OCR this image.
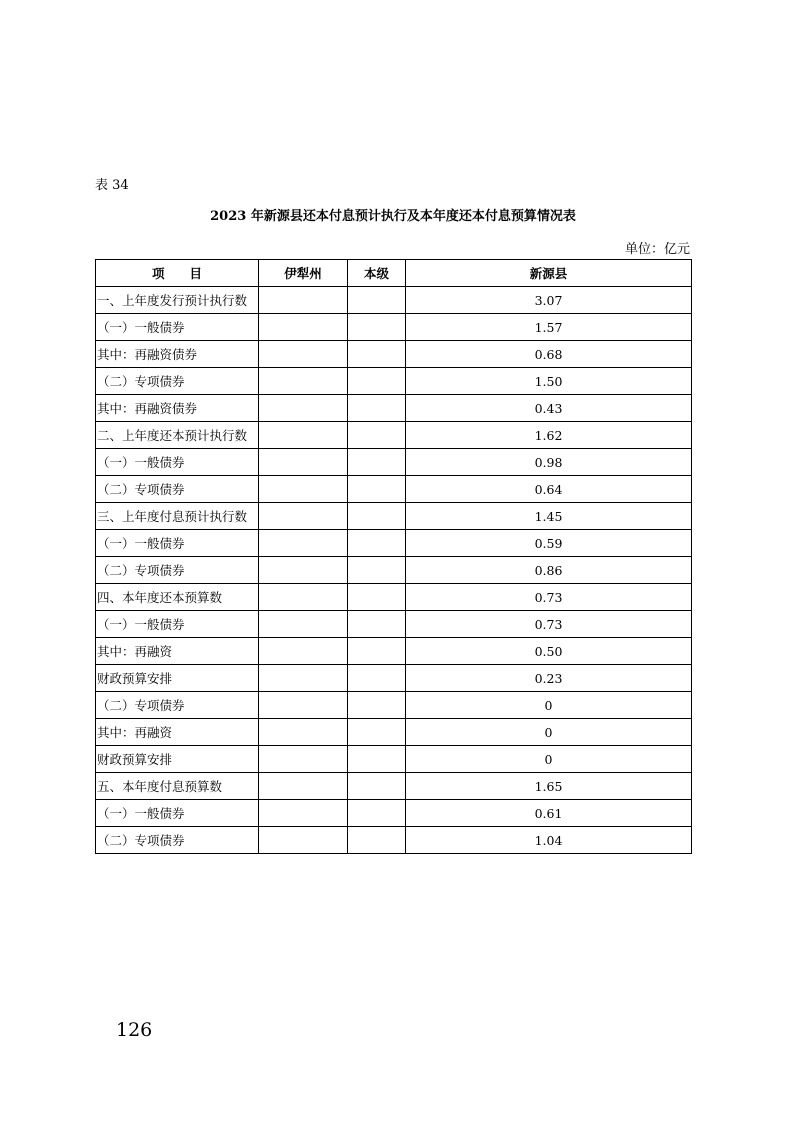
表 34
2023 年新源县还本付息预计执行及本年度还本付息预算情况表
单位：亿元
项　　目	伊犁州	本级	新源县
一、上年度发行预计执行数			3.07
（一）一般债券			1.57
其中：再融资债券			0.68
（二）专项债券			1.50
其中：再融资债券			0.43
二、上年度还本预计执行数			1.62
（一）一般债券			0.98
（二）专项债券			0.64
三、上年度付息预计执行数			1.45
（一）一般债券			0.59
（二）专项债券			0.86
四、本年度还本预算数			0.73
（一）一般债券			0.73
其中：再融资			0.50
财政预算安排			0.23
（二）专项债券			0
其中：再融资			0
财政预算安排			0
五、本年度付息预算数			1.65
（一）一般债券			0.61
（二）专项债券			1.04
126
